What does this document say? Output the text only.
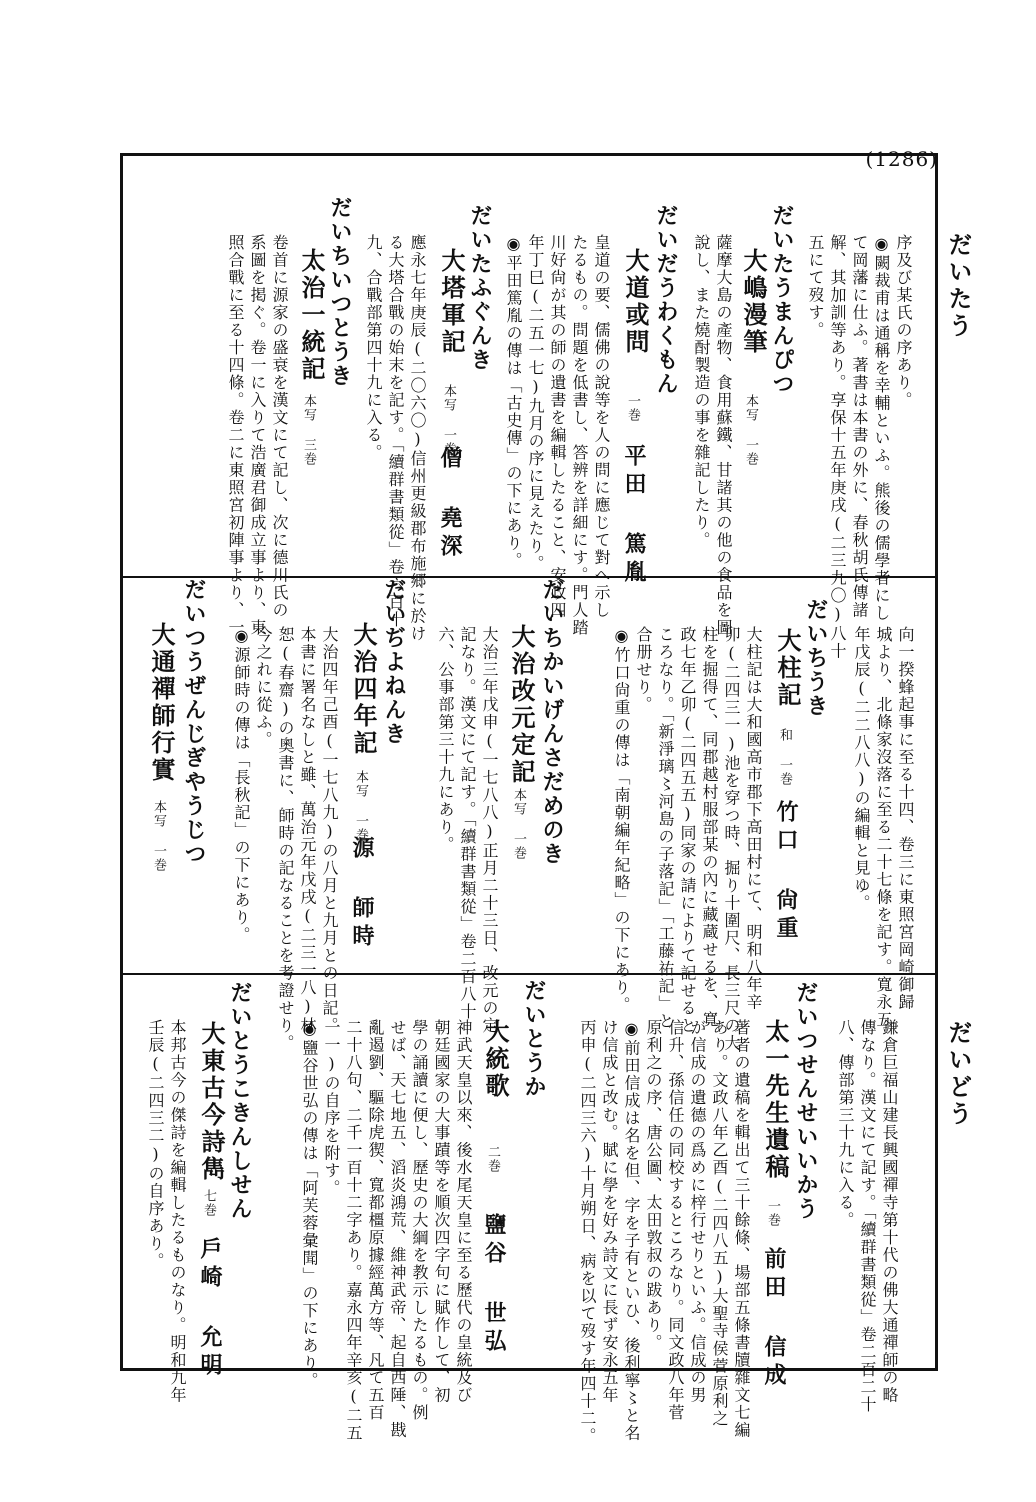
(1286)
だいたう
だいどう
序及び某氏の序あり。
◉闕裁甫は通稱を幸輔といふ。熊後の儒學者にし
て岡藩に仕ふ。著書は本書の外に、春秋胡氏傳諸
解、其加訓等あり。享保十五年庚戌(二三九〇)八十
五にて歿す。
だいたうまんぴつ
大嶋漫筆
本写 一巻
薩摩大島の產物、食用蘇鐵、甘諸其の他の食品を圖
說し、また燒酎製造の事を雜記したり。
だいだうわくもん
大道或問
一巻
平田 篤胤
皇道の要、儒佛の說等を人の問に應じて對へ示し
たるもの。問題を低書し、答辨を詳細にす。門人踏
川好尙が其の師の遺書を編輯したること、安政四
年丁巳(二五一七)九月の序に見えたり。
◉平田篤胤の傳は「古史傳」の下にあり。
だいたふぐんき
大塔軍記
本写 一巻
僧 堯深
應永七年庚辰(二〇六〇)信州更級郡布施郷に於け
る大塔合戰の始末を記す。「續群書類從」卷六百十
九、合戰部第四十九に入る。
だいちいつとうき
太治一統記
本写 三巻
卷首に源家の盛衰を漢文にて記し、次に德川氏の
系圖を掲ぐ。卷一に入りて浩廣君御成立事より、東
照合戰に至る十四條。卷二に東照宮初陣事より、一
向一揆蜂起事に至る十四、卷三に東照宮岡崎御歸
城より、北條家沒落に至る二十七條を記す。寬永五
年戊辰(二二八八)の編輯と見ゆ。
だいちうき
大柱記
和 一巻
竹口 尙重
大柱記は大和國高市郡下高田村にて、明和八年辛
卯(二四三一)池を穿つ時、掘り十圍尺、長三尺の大
柱を掘得て、同郡越村服部某の內に藏蔵せるを、寬
政七年乙卯(二四五五)同家の請によりて記せると
ころなり。「新淨璃〻河島の子落記」「工藤祐記」と
合册せり。
◉竹口尙重の傳は「南朝編年紀略」の下にあり。
だいちかいげんさだめのき
大治改元定記
本写 一巻
大治三年戊申(一七八八)正月二十三日、改元の定
記なり。漢文にて記す。「續群書類從」卷二百八十
六、公事部第三十九にあり。
だいぢよねんき
大治四年記
本写 一巻
源 師時
大治四年己酉(一七八九)の八月と九月との日記。
本書に署名なしと雖、萬治元年戊戌(二三一八)林
恕(春齋)の奧書に、師時の記なることを考證せり。
今之れに從ふ。
◉源師時の傳は「長秋記」の下にあり。
だいつうぜんじぎやうじつ
大通禪師行實
本写 一巻
鎌倉巨福山建長興國禪寺第十代の佛大通禪師の略
傳なり。漢文にて記す。「續群書類從」卷二百二十
八、傳部第三十九に入る。
だいつせんせいいかう
太一先生遺稿
一巻
前田 信成
著者の遺稿を輯出て三十餘條、場部五條書牘雜文七編
あり。文政八年乙酉(二四八五)大聖寺侯菅原利之
が信成の遺德の爲めに梓行せりといふ。信成の男
信升、孫信任の同校するところなり。同文政八年菅
原利之の序、唐公圖、太田敦叔の跋あり。
◉前田信成は名を但、字を子有といひ、後利寧〻と名
け信成と改む。賦に學を好み詩文に長ず安永五年
丙申(二四三六)十月朔日、病を以て歿す年四十二。
だいとうか
大統歌
二巻
鹽谷 世弘
神武天皇以來、後水尾天皇に至る歷代の皇統及び
朝廷國家の大事蹟等を順次四字句に賦作して、初
學の誦讀に便し、歷史の大綱を教示したるもの。例
せば、天七地五、滔炎鴻荒、維神武帝、起自西陲、戡
亂遏劉、驅除虎猰、寬都橿原據經萬方等、凡て五百
二十八句、二千一百十二字あり。嘉永四年辛亥(二五
一一)の自序を附す。
◉鹽谷世弘の傳は「阿芙蓉彙聞」の下にあり。
だいとうこきんしせん
大東古今詩雋
七巻
戶崎 允明
本邦古今の傑詩を編輯したるものなり。明和九年
壬辰(二四三二)の自序あり。
